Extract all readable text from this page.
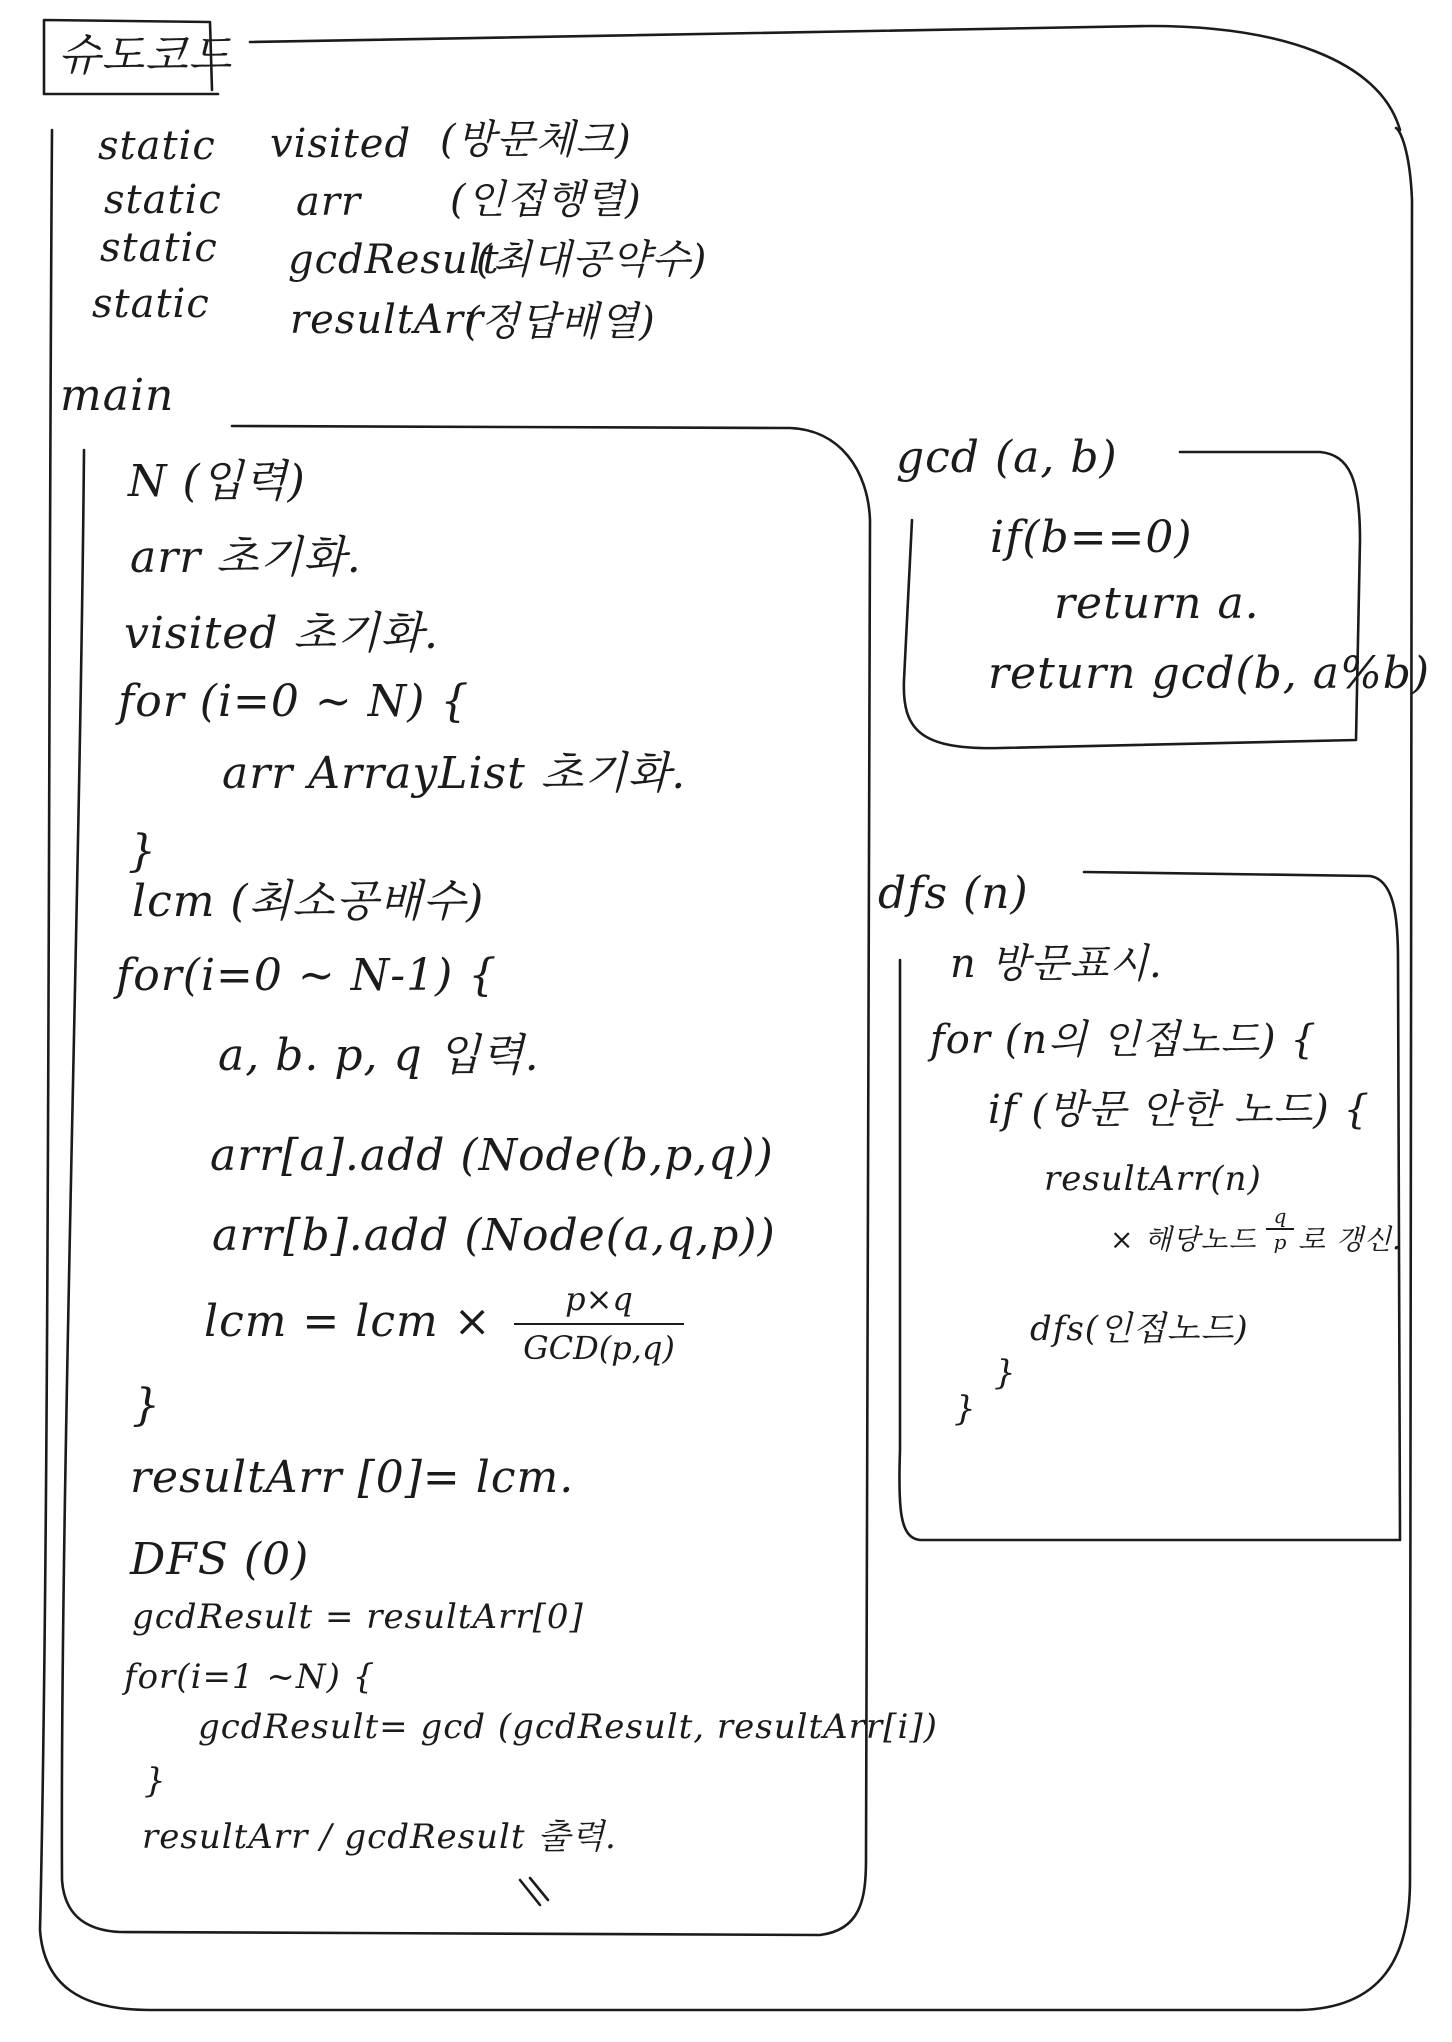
슈도코드
static visited (방문체크)
static arr (인접행렬)
static gcdResult
(최대공약수)
static resultArr
(정답배열)
main
N (입력)
arr 초기화.
visited 초기화.
for (i=0 ~ N) {
arr ArrayList 초기화.
}
lcm (최소공배수)
for(i=0 ~ N-1) {
a, b. p, q 입력.
arr[a].add (Node(b,p,q))
arr[b].add (Node(a,q,p))
lcm = lcm ×	p×q
GCD(p,q)
}
resultArr [0]= lcm.
DFS (0)
gcdResult = resultArr[0]
for(i=1 ~N) {
gcdResult= gcd (gcdResult, resultArr[i])
}
resultArr / gcdResult 출력.
gcd (a, b)
if(b==0)
return a.
return gcd(b, a%b)
dfs (n)
n 방문표시.
for (n의 인접노드) {
if (방문 안한 노드) {
resultArr(n)
× 해당노드
q
p 로 갱신.
dfs(인접노드)
}
}
